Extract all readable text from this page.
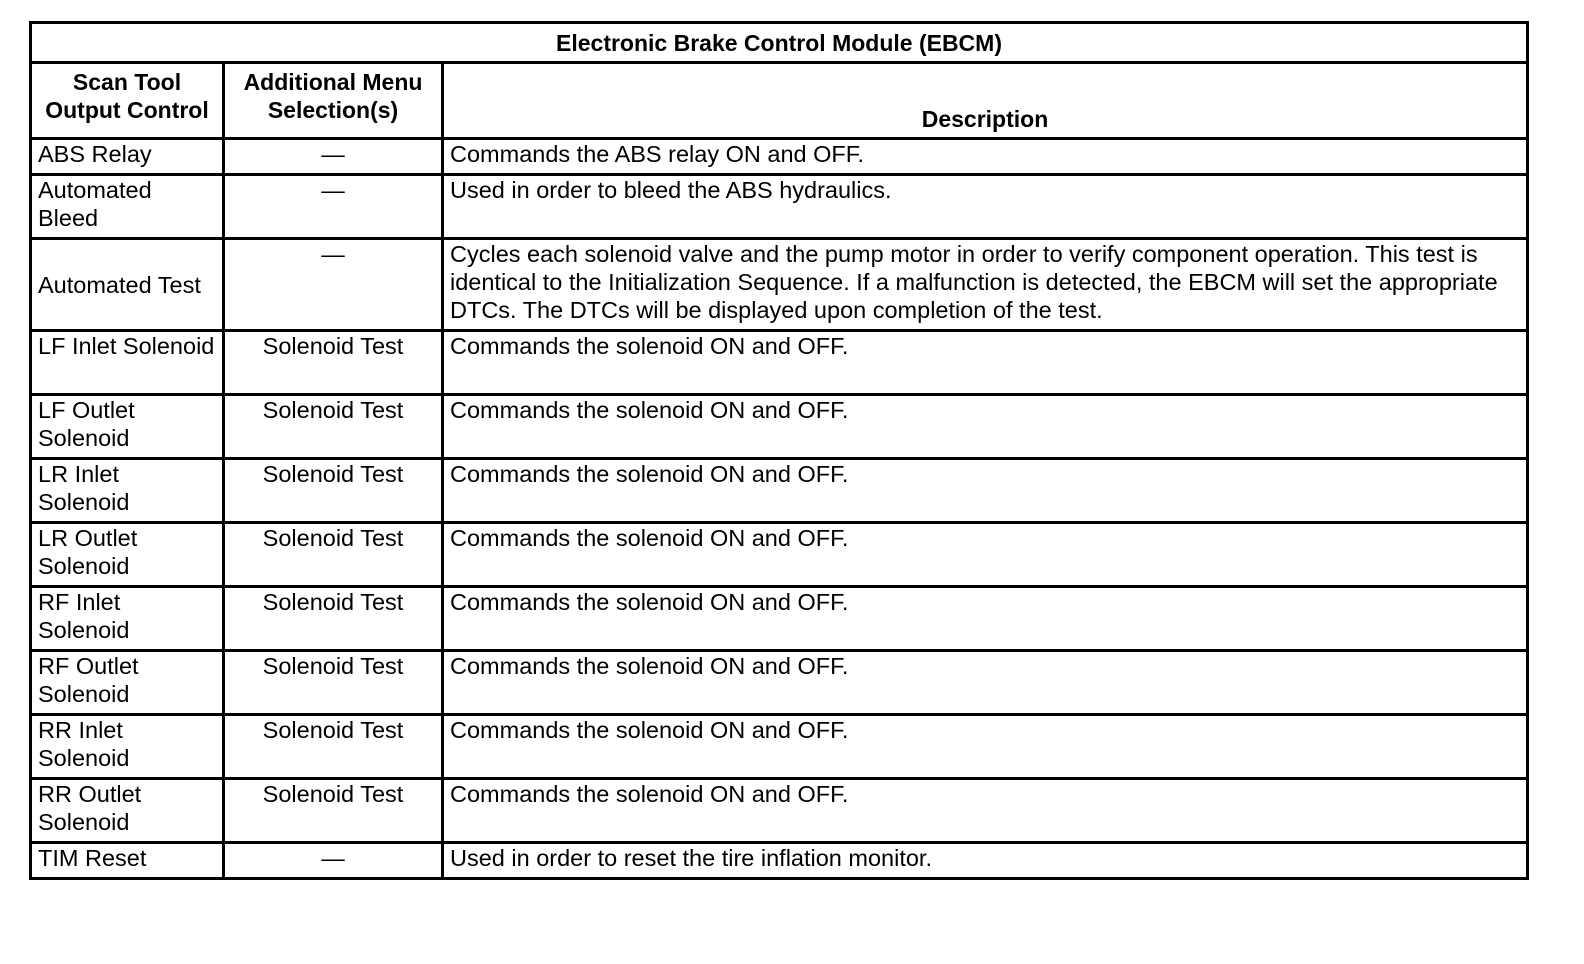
Electronic Brake Control Module (EBCM)		
Scan Tool Output Control	Additional Menu Selection(s)	Description
ABS Relay	—	Commands the ABS relay ON and OFF.
Automated Bleed	—	Used in order to bleed the ABS hydraulics.
Automated Test	—	Cycles each solenoid valve and the pump motor in order to verify component operation. This test is identical to the Initialization Sequence. If a malfunction is detected, the EBCM will set the appropriate DTCs. The DTCs will be displayed upon completion of the test.
LF Inlet Solenoid	Solenoid Test	Commands the solenoid ON and OFF.
LF Outlet Solenoid	Solenoid Test	Commands the solenoid ON and OFF.
LR Inlet Solenoid	Solenoid Test	Commands the solenoid ON and OFF.
LR Outlet Solenoid	Solenoid Test	Commands the solenoid ON and OFF.
RF Inlet Solenoid	Solenoid Test	Commands the solenoid ON and OFF.
RF Outlet Solenoid	Solenoid Test	Commands the solenoid ON and OFF.
RR Inlet Solenoid	Solenoid Test	Commands the solenoid ON and OFF.
RR Outlet Solenoid	Solenoid Test	Commands the solenoid ON and OFF.
TIM Reset	—	Used in order to reset the tire inflation monitor.
